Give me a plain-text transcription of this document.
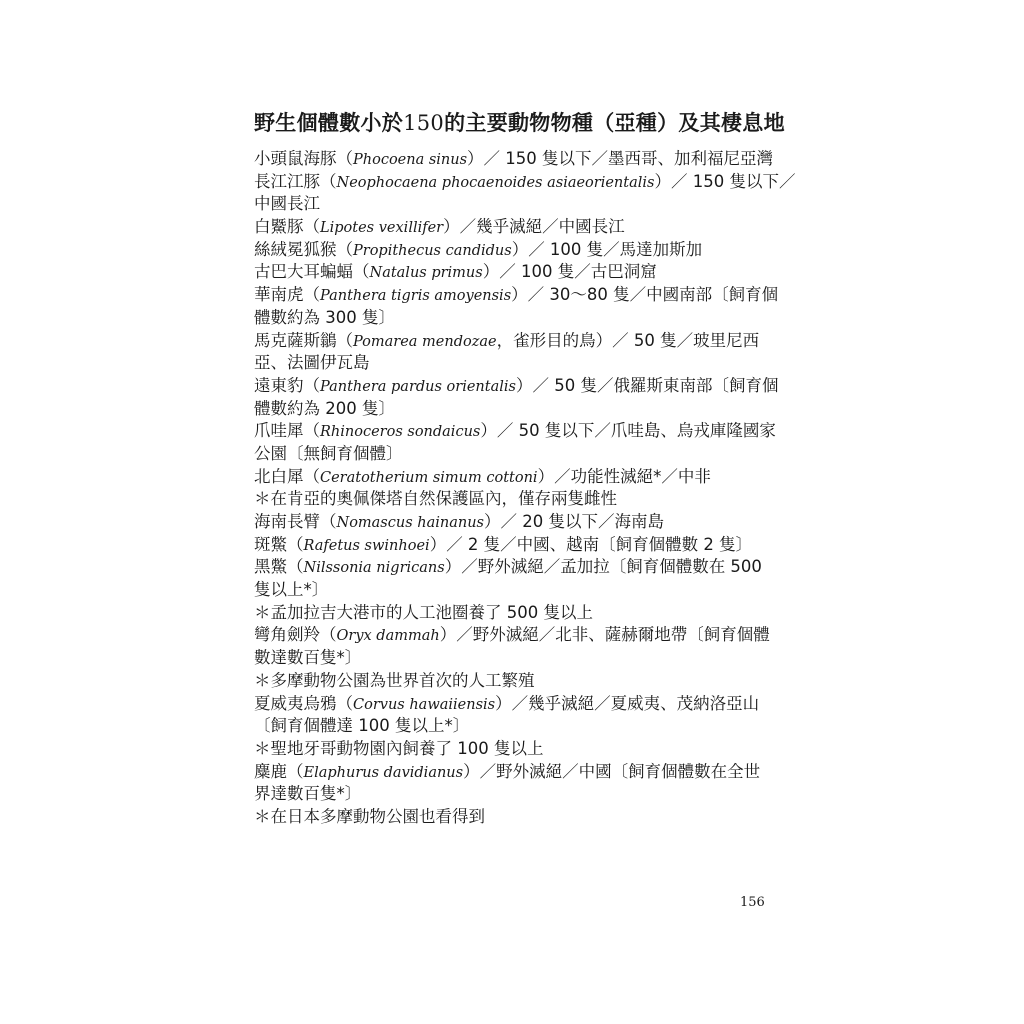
野生個體數小於150的主要動物物種（亞種）及其棲息地
小頭鼠海豚（Phocoena sinus）／ 150 隻以下／墨西哥、加利福尼亞灣
長江江豚（Neophocaena phocaenoides asiaeorientalis）／ 150 隻以下／
中國長江
白鱀豚（Lipotes vexillifer）／幾乎滅絕／中國長江
絲絨冕狐猴（Propithecus candidus）／ 100 隻／馬達加斯加
古巴大耳蝙蝠（Natalus primus）／ 100 隻／古巴洞窟
華南虎（Panthera tigris amoyensis）／ 30～80 隻／中國南部〔飼育個
體數約為 300 隻〕
馬克薩斯鶲（Pomarea mendozae，雀形目的鳥）／ 50 隻／玻里尼西
亞、法圖伊瓦島
遠東豹（Panthera pardus orientalis）／ 50 隻／俄羅斯東南部〔飼育個
體數約為 200 隻〕
爪哇犀（Rhinoceros sondaicus）／ 50 隻以下／爪哇島、烏戎庫隆國家
公園〔無飼育個體〕
北白犀（Ceratotherium simum cottoni）／功能性滅絕*／中非
＊在肯亞的奧佩傑塔自然保護區內，僅存兩隻雌性
海南長臂（Nomascus hainanus）／ 20 隻以下／海南島
斑鱉（Rafetus swinhoei）／ 2 隻／中國、越南〔飼育個體數 2 隻〕
黑鱉（Nilssonia nigricans）／野外滅絕／孟加拉〔飼育個體數在 500
隻以上*〕
＊孟加拉吉大港市的人工池圈養了 500 隻以上
彎角劍羚（Oryx dammah）／野外滅絕／北非、薩赫爾地帶〔飼育個體
數達數百隻*〕
＊多摩動物公園為世界首次的人工繁殖
夏威夷烏鴉（Corvus hawaiiensis）／幾乎滅絕／夏威夷、茂納洛亞山
〔飼育個體達 100 隻以上*〕
＊聖地牙哥動物園內飼養了 100 隻以上
麋鹿（Elaphurus davidianus）／野外滅絕／中國〔飼育個體數在全世
界達數百隻*〕
＊在日本多摩動物公園也看得到
156
